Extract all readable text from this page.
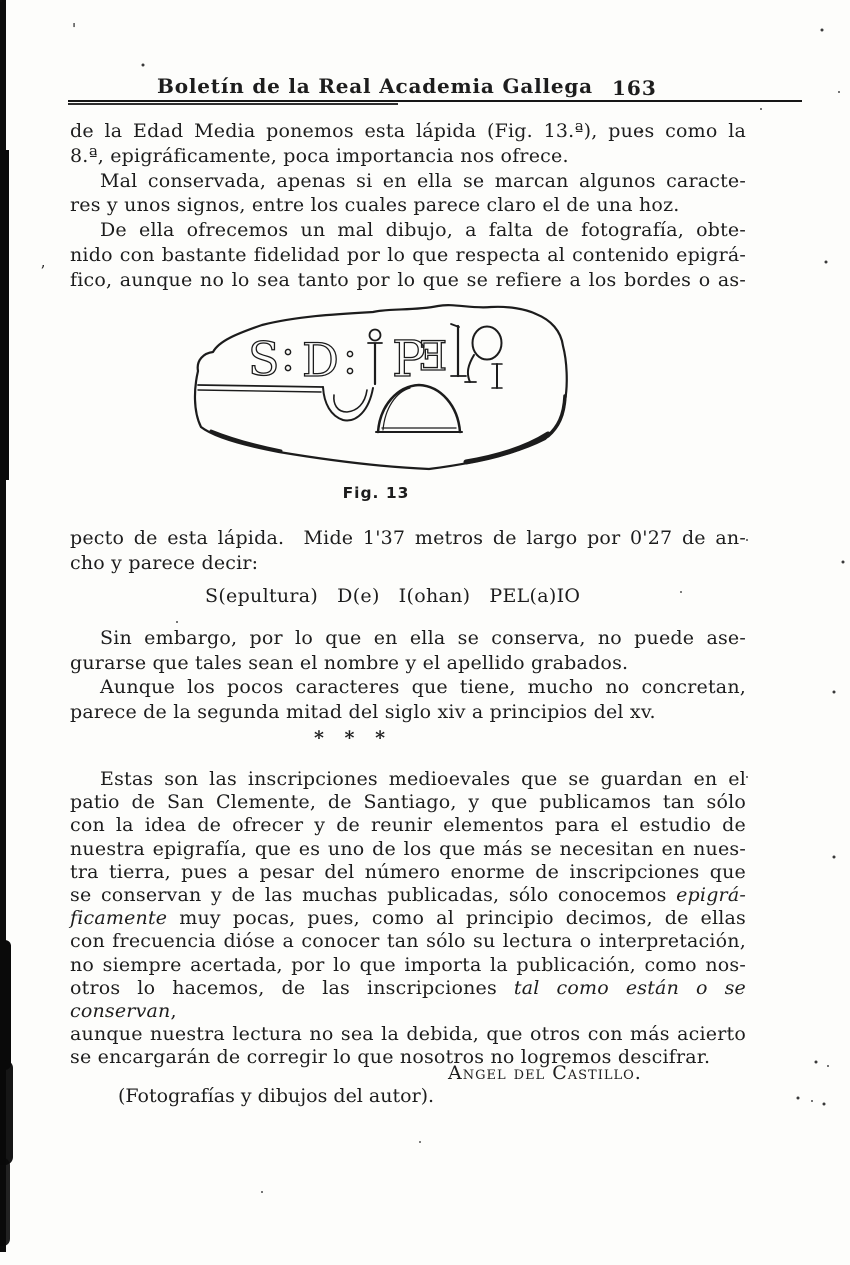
'
ʼ
Boletín de la Real Academia Gallega 163
de la Edad Media ponemos esta lápida (Fig. 13.ª), pues como la
8.ª, epigráficamente, poca importancia nos ofrece.
Mal conservada, apenas si en ella se marcan algunos caracte-
res y unos signos, entre los cuales parece claro el de una hoz.
De ella ofrecemos un mal dibujo, a falta de fotografía, obte-
nido con bastante fidelidad por lo que respecta al contenido epigrá-
fico, aunque no lo sea tanto por lo que se refiere a los bordes o as-
S D P
Ǝ
Fig. 13
pecto de esta lápida.  Mide 1'37 metros de largo por 0'27 de an-
cho y parece decir:
S(epultura)   D(e)   I(ohan)   PEL(a)IO
Sin embargo, por lo que en ella se conserva, no puede ase-
gurarse que tales sean el nombre y el apellido grabados.
Aunque los pocos caracteres que tiene, mucho no concretan,
parece de la segunda mitad del siglo xiv a principios del xv.
* * *
Estas son las inscripciones medioevales que se guardan en el
patio de San Clemente, de Santiago, y que publicamos tan sólo
con la idea de ofrecer y de reunir elementos para el estudio de
nuestra epigrafía, que es uno de los que más se necesitan en nues-
tra tierra, pues a pesar del número enorme de inscripciones que
se conservan y de las muchas publicadas, sólo conocemos epigrá-
ficamente muy pocas, pues, como al principio decimos, de ellas
con frecuencia dióse a conocer tan sólo su lectura o interpretación,
no siempre acertada, por lo que importa la publicación, como nos-
otros lo hacemos, de las inscripciones tal como están o se conservan,
aunque nuestra lectura no sea la debida, que otros con más acierto
se encargarán de corregir lo que nosotros no logremos descifrar.
Angel del Castillo.
(Fotografías y dibujos del autor).
